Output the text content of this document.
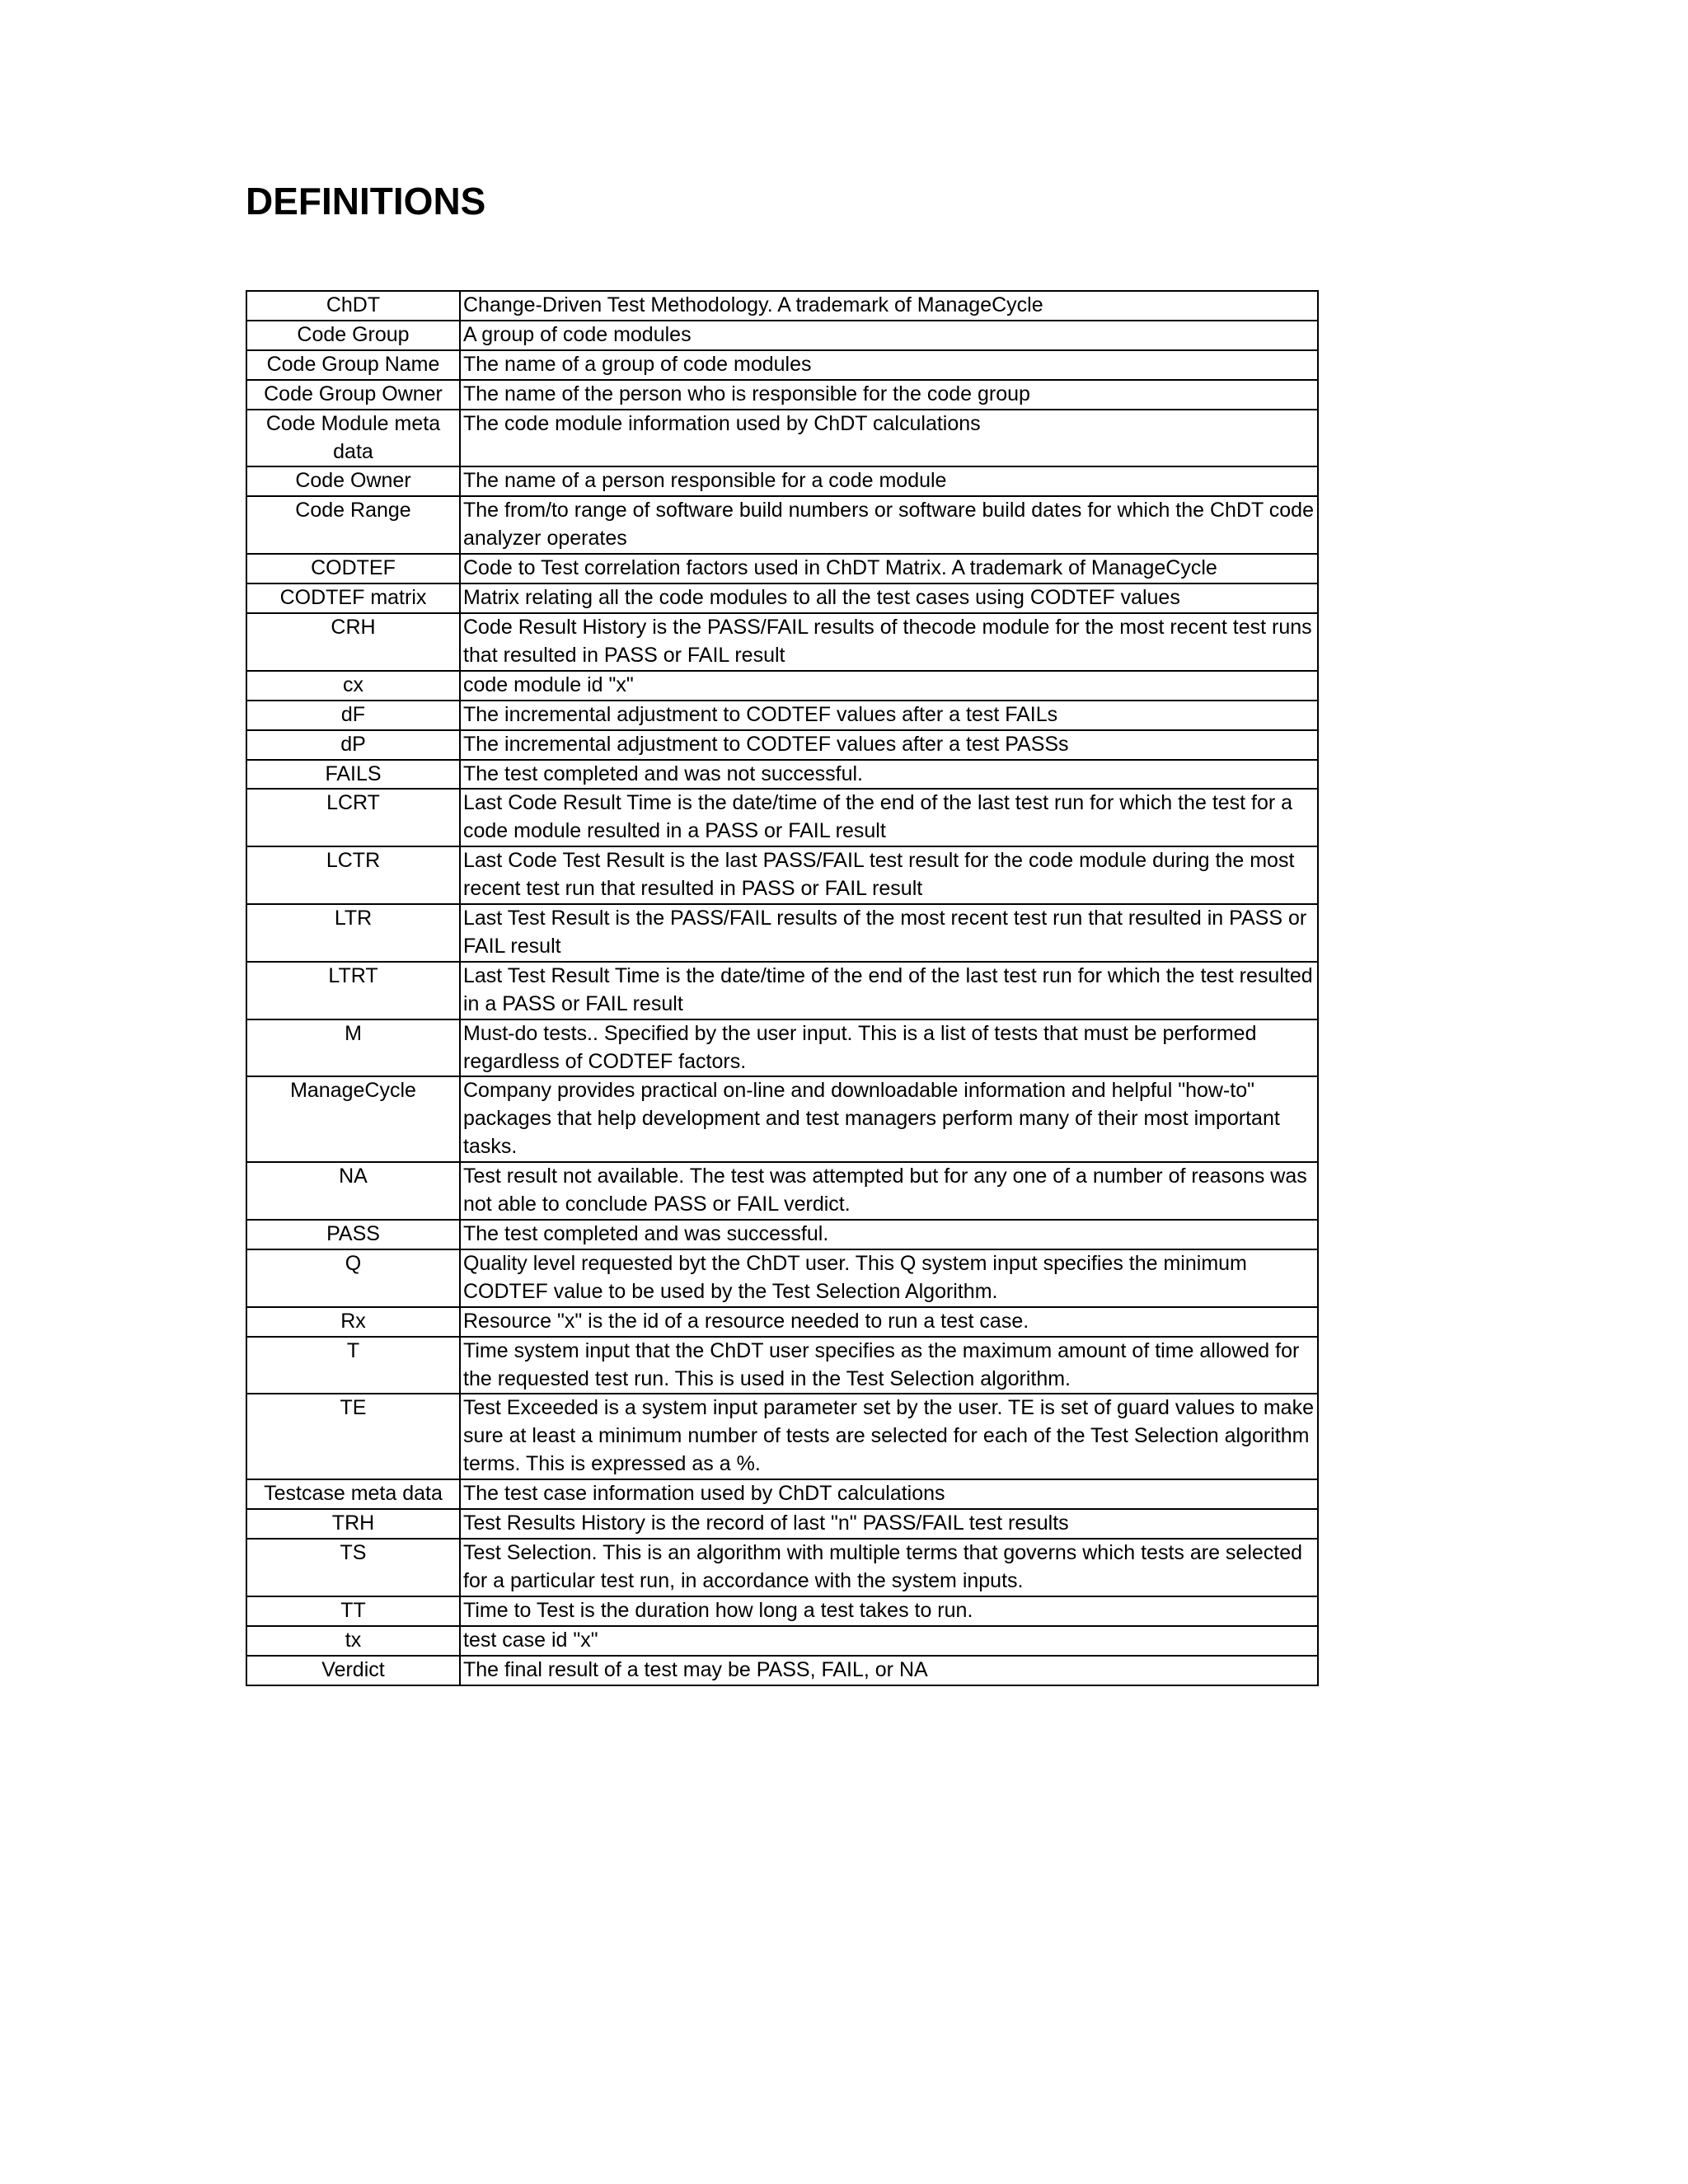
DEFINITIONS
ChDT	Change-Driven Test Methodology. A trademark of ManageCycle
Code Group	A group of code modules
Code Group Name	The name of a group of code modules
Code Group Owner	The name of the person who is responsible for the code group
Code Module meta data	The code module information used by ChDT calculations
Code Owner	The name of a person responsible for a code module
Code Range	The from/to range of software build numbers or software build dates for which the ChDT code analyzer operates
CODTEF	Code to Test correlation factors used in ChDT Matrix. A trademark of ManageCycle
CODTEF matrix	Matrix relating all the code modules to all the test cases using CODTEF values
CRH	Code Result History is the PASS/FAIL results of thecode module for the most recent test runs that resulted in PASS or FAIL result
cx	code module id "x"
dF	The incremental adjustment to CODTEF values after a test FAILs
dP	The incremental adjustment to CODTEF values after a test PASSs
FAILS	The test completed and was not successful.
LCRT	Last Code Result Time is the date/time of the end of the last test run for which the test for a code module resulted in a PASS or FAIL result
LCTR	Last Code Test Result is the last PASS/FAIL test result for the code module during the most recent test run that resulted in PASS or FAIL result
LTR	Last Test Result is the PASS/FAIL results of the most recent test run that resulted in PASS or FAIL result
LTRT	Last Test Result Time is the date/time of the end of the last test run for which the test resulted in a PASS or FAIL result
M	Must-do tests.. Specified by the user input. This is a list of tests that must be performed regardless of CODTEF factors.
ManageCycle	Company provides practical on-line and downloadable information and helpful "how-to" packages that help development and test managers perform many of their most important tasks.
NA	Test result not available. The test was attempted but for any one of a number of reasons was not able to conclude PASS or FAIL verdict.
PASS	The test completed and was successful.
Q	Quality level requested byt the ChDT user. This Q system input specifies the minimum CODTEF value to be used by the Test Selection Algorithm.
Rx	Resource "x" is the id of a resource needed to run a test case.
T	Time system input that the ChDT user specifies as the maximum amount of time allowed for the requested test run. This is used in the Test Selection algorithm.
TE	Test Exceeded is a system input parameter set by the user. TE is set of guard values to make sure at least a minimum number of tests are selected for each of the Test Selection algorithm terms. This is expressed as a %.
Testcase meta data	The test case information used by ChDT calculations
TRH	Test Results History is the record of last "n" PASS/FAIL test results
TS	Test Selection. This is an algorithm with multiple terms that governs which tests are selected for a particular test run, in accordance with the system inputs.
TT	Time to Test is the duration how long a test takes to run.
tx	test case id "x"
Verdict	The final result of a test may be PASS, FAIL, or NA
